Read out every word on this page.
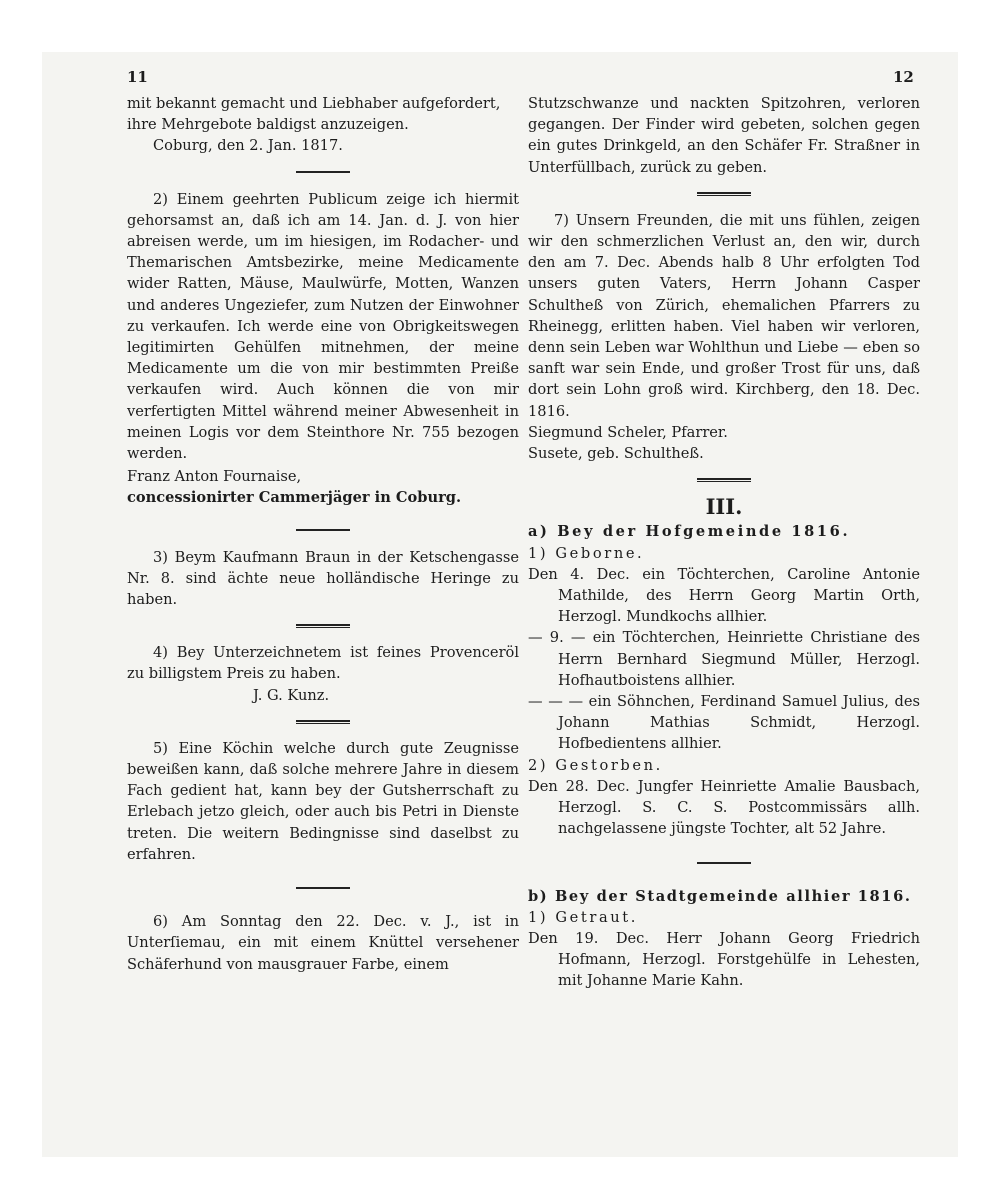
11	12

mit bekannt gemacht und Liebhaber aufgefordert,

ihre Mehrgebote baldigst anzuzeigen.

Coburg, den 2. Jan. 1817.

2) Einem geehrten Publicum zeige ich hiermit gehorsamst an, daß ich am 14. Jan. d. J. von hier abreisen werde, um im hiesigen, im Rodacher- und Themarischen Amtsbezirke, meine Medicamente wider Ratten, Mäuse, Maulwürfe, Motten, Wanzen und anderes Ungeziefer, zum Nutzen der Einwohner zu verkaufen. Ich werde eine von Obrigkeitswegen legitimirten Gehülfen mitnehmen, der meine Medicamente um die von mir bestimmten Preiße verkaufen wird. Auch können die von mir verfertigten Mittel während meiner Abwesenheit in meinen Logis vor dem Steinthore Nr. 755 bezogen werden.

Franz Anton Fournaise,

concessionirter Cammerjäger in Coburg.

3) Beym Kaufmann Braun in der Ketschengasse Nr. 8. sind ächte neue holländische Heringe zu haben.

4) Bey Unterzeichnetem ist feines Provenceröl zu billigstem Preis zu haben.

J. G. Kunz.

5) Eine Köchin welche durch gute Zeugnisse beweißen kann, daß solche mehrere Jahre in diesem Fach gedient hat, kann bey der Gutsherrschaft zu Erlebach jetzo gleich, oder auch bis Petri in Dienste treten. Die weitern Bedingnisse sind daselbst zu erfahren.

6) Am Sonntag den 22. Dec. v. J., ist in Unterſiemau, ein mit einem Knüttel versehener Schäferhund von mausgrauer Farbe, einem

Stutzschwanze und nackten Spitzohren, verloren gegangen. Der Finder wird gebeten, solchen gegen ein gutes Drinkgeld, an den Schäfer Fr. Straßner in Unterfüllbach, zurück zu geben.

7) Unsern Freunden, die mit uns fühlen, zeigen wir den schmerzlichen Verlust an, den wir, durch den am 7. Dec. Abends halb 8 Uhr erfolgten Tod unsers guten Vaters, Herrn Johann Casper Schultheß von Zürich, ehemalichen Pfarrers zu Rheinegg, erlitten haben. Viel haben wir verloren, denn sein Leben war Wohlthun und Liebe — eben so sanft war sein Ende, und großer Trost für uns, daß dort sein Lohn groß wird. Kirchberg, den 18. Dec. 1816.

Siegmund Scheler, Pfarrer.

Susete, geb. Schultheß.

III.

a) Bey der Hofgemeinde 1816.

1) Geborne.

Den 4. Dec. ein Töchterchen, Caroline Antonie Mathilde, des Herrn Georg Martin Orth, Herzogl. Mundkochs allhier.

— 9. — ein Töchterchen, Heinriette Christiane des Herrn Bernhard Siegmund Müller, Herzogl. Hofhautboistens allhier.

— — — ein Söhnchen, Ferdinand Samuel Julius, des Johann Mathias Schmidt, Herzogl. Hofbedientens allhier.

2) Gestorben.

Den 28. Dec. Jungfer Heinriette Amalie Bausbach, Herzogl. S. C. S. Postcommissärs allh. nachgelassene jüngste Tochter, alt 52 Jahre.

b) Bey der Stadtgemeinde allhier 1816.

1) Getraut.

Den 19. Dec. Herr Johann Georg Friedrich Hofmann, Herzogl. Forstgehülfe in Lehesten, mit Johanne Marie Kahn.
